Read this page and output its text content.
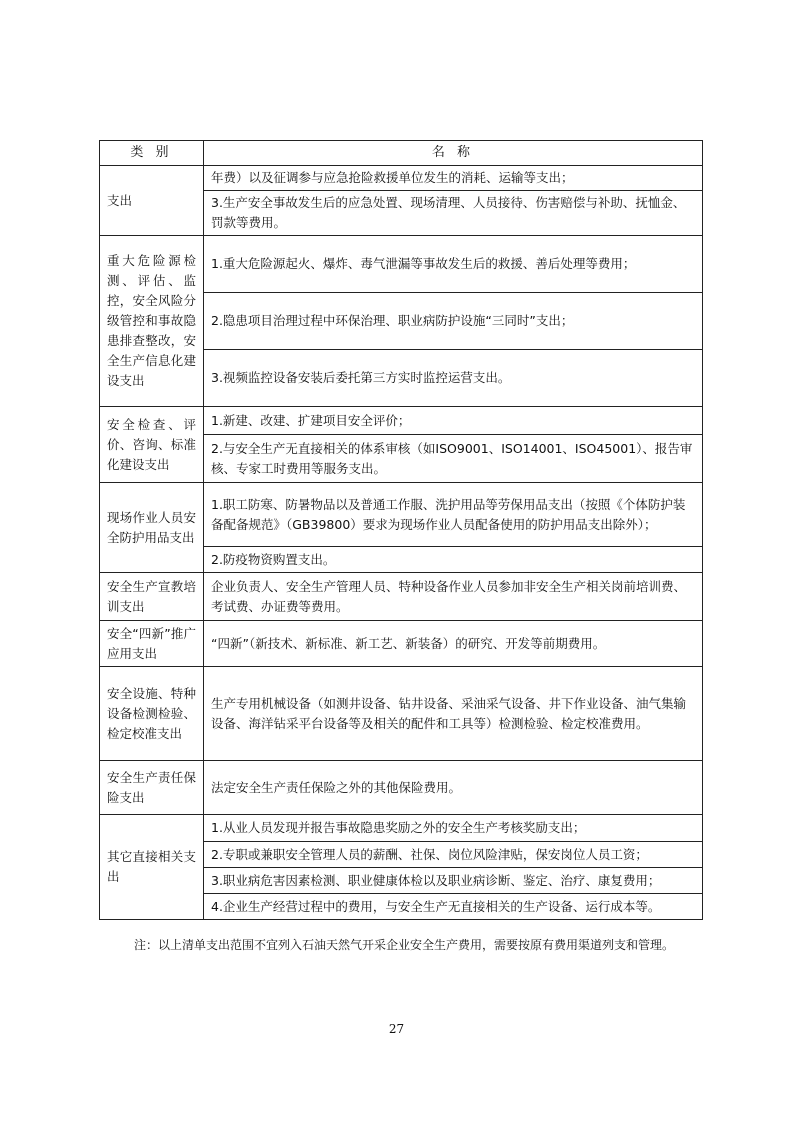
类 别	名 称
支出	年费）以及征调参与应急抢险救援单位发生的消耗、运输等支出；
	3.生产安全事故发生后的应急处置、现场清理、人员接待、伤害赔偿与补助、抚恤金、罚款等费用。
重大危险源检测、评估、监控，安全风险分级管控和事故隐患排查整改，安全生产信息化建设支出	1.重大危险源起火、爆炸、毒气泄漏等事故发生后的救援、善后处理等费用；
	2.隐患项目治理过程中环保治理、职业病防护设施“三同时”支出；
	3.视频监控设备安装后委托第三方实时监控运营支出。
安全检查、评价、咨询、标准化建设支出	1.新建、改建、扩建项目安全评价；
	2.与安全生产无直接相关的体系审核（如ISO9001、ISO14001、ISO45001）、报告审核、专家工时费用等服务支出。
现场作业人员安全防护用品支出	1.职工防寒、防暑物品以及普通工作服、洗护用品等劳保用品支出（按照《个体防护装备配备规范》（GB39800）要求为现场作业人员配备使用的防护用品支出除外）；
	2.防疫物资购置支出。
安全生产宣教培训支出	企业负责人、安全生产管理人员、特种设备作业人员参加非安全生产相关岗前培训费、考试费、办证费等费用。
安全“四新”推广应用支出	“四新”（新技术、新标准、新工艺、新装备）的研究、开发等前期费用。
安全设施、特种设备检测检验、检定校准支出	生产专用机械设备（如测井设备、钻井设备、采油采气设备、井下作业设备、油气集输设备、海洋钻采平台设备等及相关的配件和工具等）检测检验、检定校准费用。
安全生产责任保险支出	法定安全生产责任保险之外的其他保险费用。
其它直接相关支出	1.从业人员发现并报告事故隐患奖励之外的安全生产考核奖励支出；
	2.专职或兼职安全管理人员的薪酬、社保、岗位风险津贴，保安岗位人员工资；
	3.职业病危害因素检测、职业健康体检以及职业病诊断、鉴定、治疗、康复费用；
	4.企业生产经营过程中的费用，与安全生产无直接相关的生产设备、运行成本等。
注：以上清单支出范围不宜列入石油天然气开采企业安全生产费用，需要按原有费用渠道列支和管理。
27
